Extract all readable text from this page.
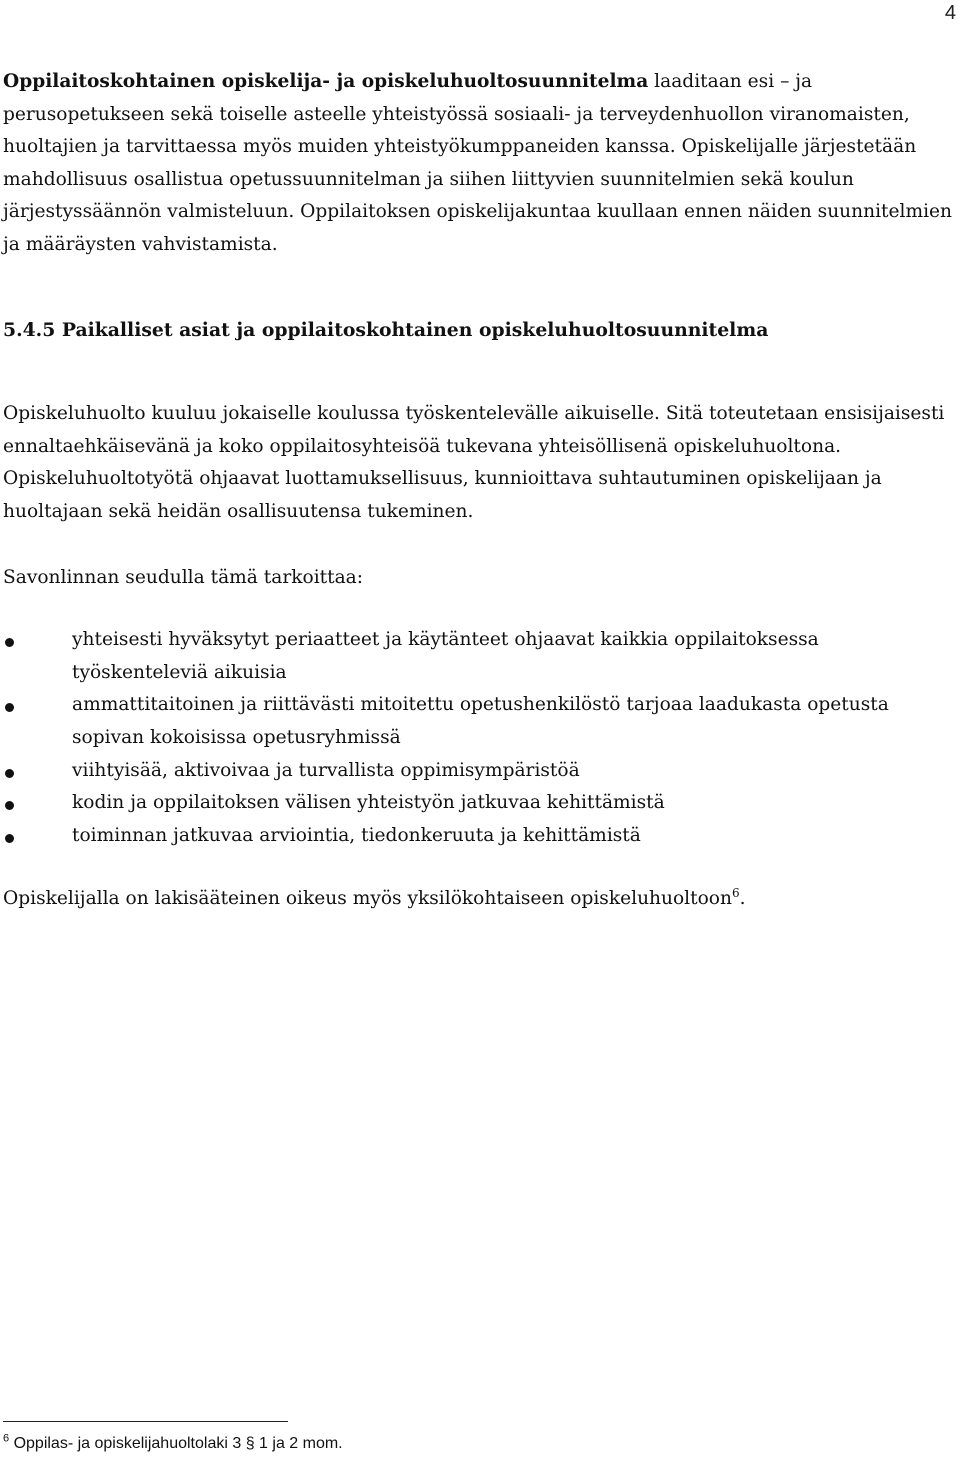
4

Oppilaitoskohtainen opiskelija- ja opiskeluhuoltosuunnitelma laaditaan esi – ja perusopetukseen sekä toiselle asteelle yhteistyössä sosiaali- ja terveydenhuollon viranomaisten, huoltajien ja tarvittaessa myös muiden yhteistyökumppaneiden kanssa. Opiskelijalle järjestetään mahdollisuus osallistua opetussuunnitelman ja siihen liittyvien suunnitelmien sekä koulun järjestyssäännön valmisteluun. Oppilaitoksen opiskelijakuntaa kuullaan ennen näiden suunnitelmien ja määräysten vahvistamista.

5.4.5 Paikalliset asiat ja oppilaitoskohtainen opiskeluhuoltosuunnitelma

Opiskeluhuolto kuuluu jokaiselle koulussa työskentelevälle aikuiselle. Sitä toteutetaan ensisijaisesti ennaltaehkäisevänä ja koko oppilaitosyhteisöä tukevana yhteisöllisenä opiskeluhuoltona. Opiskeluhuoltotyötä ohjaavat luottamuksellisuus, kunnioittava suhtautuminen opiskelijaan ja huoltajaan sekä heidän osallisuutensa tukeminen.

Savonlinnan seudulla tämä tarkoittaa:

yhteisesti hyväksytyt periaatteet ja käytänteet ohjaavat kaikkia oppilaitoksessa työskenteleviä aikuisia
ammattitaitoinen ja riittävästi mitoitettu opetushenkilöstö tarjoaa laadukasta opetusta sopivan kokoisissa opetusryhmissä
viihtyisää, aktivoivaa ja turvallista oppimisympäristöä
kodin ja oppilaitoksen välisen yhteistyön jatkuvaa kehittämistä
toiminnan jatkuvaa arviointia, tiedonkeruuta ja kehittämistä

Opiskelijalla on lakisääteinen oikeus myös yksilökohtaiseen opiskeluhuoltoon$^6$.

$^6$ Oppilas- ja opiskelijahuoltolaki 3 § 1 ja 2 mom.
